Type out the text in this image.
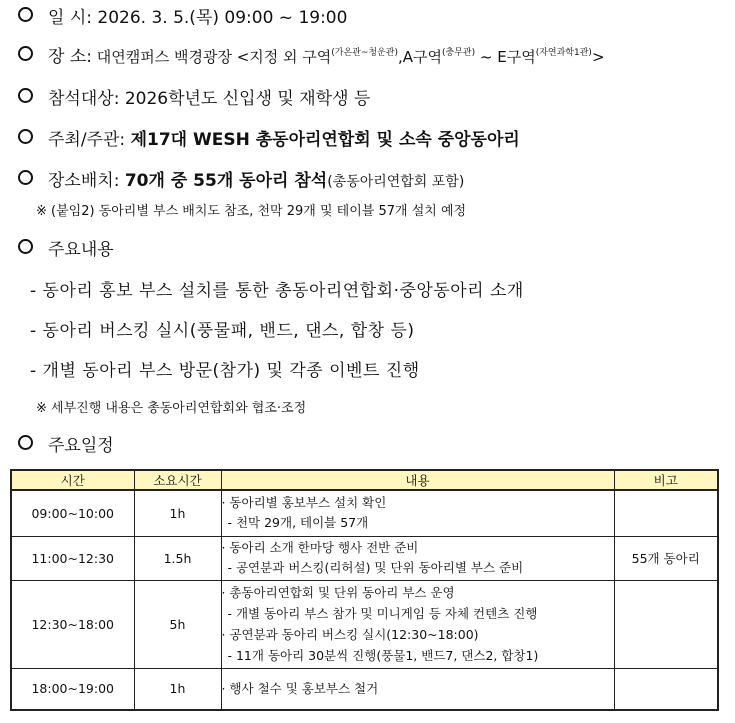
일 시: 2026. 3. 5.(목) 09:00 ~ 19:00
장 소: 대연캠퍼스 백경광장 <지정 외 구역$^{(가온관\sim 청운관)}$,A구역$^{(충무관)}$ ~ E구역$^{(자연과학1관)}$>
참석대상: 2026학년도 신입생 및 재학생 등
주최/주관: 제17대 WESH 총동아리연합회 및 소속 중앙동아리
장소배치: 70개 중 55개 동아리 참석(총동아리연합회 포함)
※ (붙임2) 동아리별 부스 배치도 참조, 천막 29개 및 테이블 57개 설치 예정
주요내용
- 동아리 홍보 부스 설치를 통한 총동아리연합회·중앙동아리 소개
- 동아리 버스킹 실시(풍물패, 밴드, 댄스, 합창 등)
- 개별 동아리 부스 방문(참가) 및 각종 이벤트 진행
※ 세부진행 내용은 총동아리연합회와 협조·조정
주요일정
시간	소요시간	내용	비고
09:00~10:00	1h	· 동아리별 홍보부스 설치 확인
- 천막 29개, 테이블 57개	

11:00~12:30	1.5h	· 동아리 소개 한마당 행사 전반 준비
- 공연분과 버스킹(리허설) 및 단위 동아리별 부스 준비	55개 동아리
12:30~18:00	5h	· 총동아리연합회 및 단위 동아리 부스 운영
- 개별 동아리 부스 참가 및 미니게임 등 자체 컨텐츠 진행
· 공연분과 동아리 버스킹 실시(12:30~18:00)
- 11개 동아리 30분씩 진행(풍물1, 밴드7, 댄스2, 합창1)	

18:00~19:00	1h	· 행사 철수 및 홍보부스 철거	
